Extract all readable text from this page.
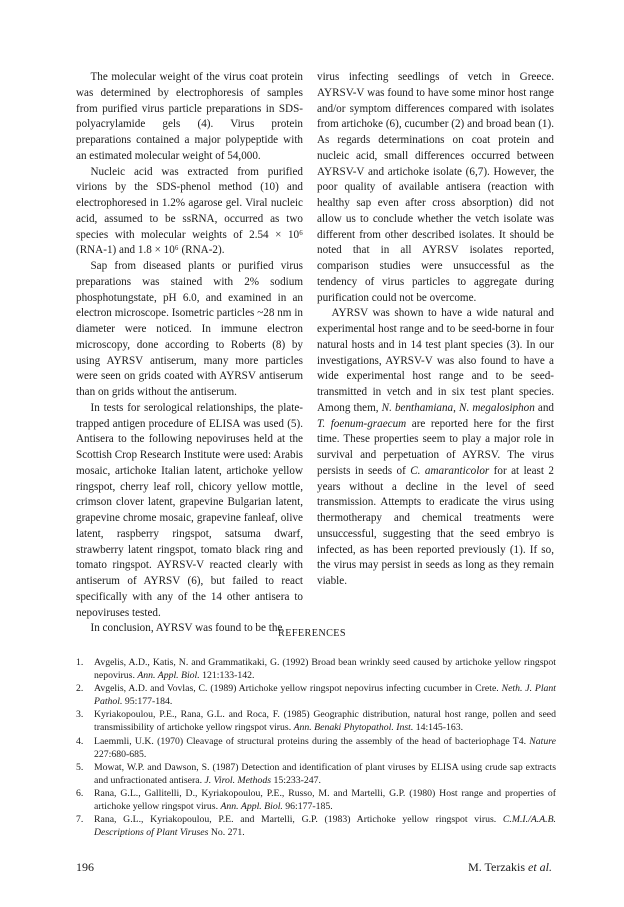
The molecular weight of the virus coat protein was determined by electrophoresis of samples from purified virus particle preparations in SDS-polyacrylamide gels (4). Virus protein preparations contained a major polypeptide with an estimated molecular weight of 54,000.

Nucleic acid was extracted from purified virions by the SDS-phenol method (10) and electrophoresed in 1.2% agarose gel. Viral nucleic acid, assumed to be ssRNA, occurred as two species with molecular weights of 2.54 × 10⁶ (RNA-1) and 1.8 × 10⁶ (RNA-2).

Sap from diseased plants or purified virus preparations was stained with 2% sodium phosphotungstate, pH 6.0, and examined in an electron microscope. Isometric particles ~28 nm in diameter were noticed. In immune electron microscopy, done according to Roberts (8) by using AYRSV antiserum, many more particles were seen on grids coated with AYRSV antiserum than on grids without the antiserum.

In tests for serological relationships, the plate-trapped antigen procedure of ELISA was used (5). Antisera to the following nepoviruses held at the Scottish Crop Research Institute were used: Arabis mosaic, artichoke Italian latent, artichoke yellow ringspot, cherry leaf roll, chicory yellow mottle, crimson clover latent, grapevine Bulgarian latent, grapevine chrome mosaic, grapevine fanleaf, olive latent, raspberry ringspot, satsuma dwarf, strawberry latent ringspot, tomato black ring and tomato ringspot. AYRSV-V reacted clearly with antiserum of AYRSV (6), but failed to react specifically with any of the 14 other antisera to nepoviruses tested.

In conclusion, AYRSV was found to be the

virus infecting seedlings of vetch in Greece. AYRSV-V was found to have some minor host range and/or symptom differences compared with isolates from artichoke (6), cucumber (2) and broad bean (1). As regards determinations on coat protein and nucleic acid, small differences occurred between AYRSV-V and artichoke isolate (6,7). However, the poor quality of available antisera (reaction with healthy sap even after cross absorption) did not allow us to conclude whether the vetch isolate was different from other described isolates. It should be noted that in all AYRSV isolates reported, comparison studies were unsuccessful as the tendency of virus particles to aggregate during purification could not be overcome.

AYRSV was shown to have a wide natural and experimental host range and to be seed-borne in four natural hosts and in 14 test plant species (3). In our investigations, AYRSV-V was also found to have a wide experimental host range and to be seed-transmitted in vetch and in six test plant species. Among them, N. benthamiana, N. megalosiphon and T. foenum-graecum are reported here for the first time. These properties seem to play a major role in survival and perpetuation of AYRSV. The virus persists in seeds of C. amaranticolor for at least 2 years without a decline in the level of seed transmission. Attempts to eradicate the virus using thermotherapy and chemical treatments were unsuccessful, suggesting that the seed embryo is infected, as has been reported previously (1). If so, the virus may persist in seeds as long as they remain viable.

REFERENCES
1. Avgelis, A.D., Katis, N. and Grammatikaki, G. (1992) Broad bean wrinkly seed caused by artichoke yellow ringspot nepovirus. Ann. Appl. Biol. 121:133-142.
2. Avgelis, A.D. and Vovlas, C. (1989) Artichoke yellow ringspot nepovirus infecting cucumber in Crete. Neth. J. Plant Pathol. 95:177-184.
3. Kyriakopoulou, P.E., Rana, G.L. and Roca, F. (1985) Geographic distribution, natural host range, pollen and seed transmissibility of artichoke yellow ringspot virus. Ann. Benaki Phytopathol. Inst. 14:145-163.
4. Laemmli, U.K. (1970) Cleavage of structural proteins during the assembly of the head of bacteriophage T4. Nature 227:680-685.
5. Mowat, W.P. and Dawson, S. (1987) Detection and identification of plant viruses by ELISA using crude sap extracts and unfractionated antisera. J. Virol. Methods 15:233-247.
6. Rana, G.L., Gallitelli, D., Kyriakopoulou, P.E., Russo, M. and Martelli, G.P. (1980) Host range and properties of artichoke yellow ringspot virus. Ann. Appl. Biol. 96:177-185.
7. Rana, G.L., Kyriakopoulou, P.E. and Martelli, G.P. (1983) Artichoke yellow ringspot virus. C.M.I./A.A.B. Descriptions of Plant Viruses No. 271.
196	M. Terzakis et al.
